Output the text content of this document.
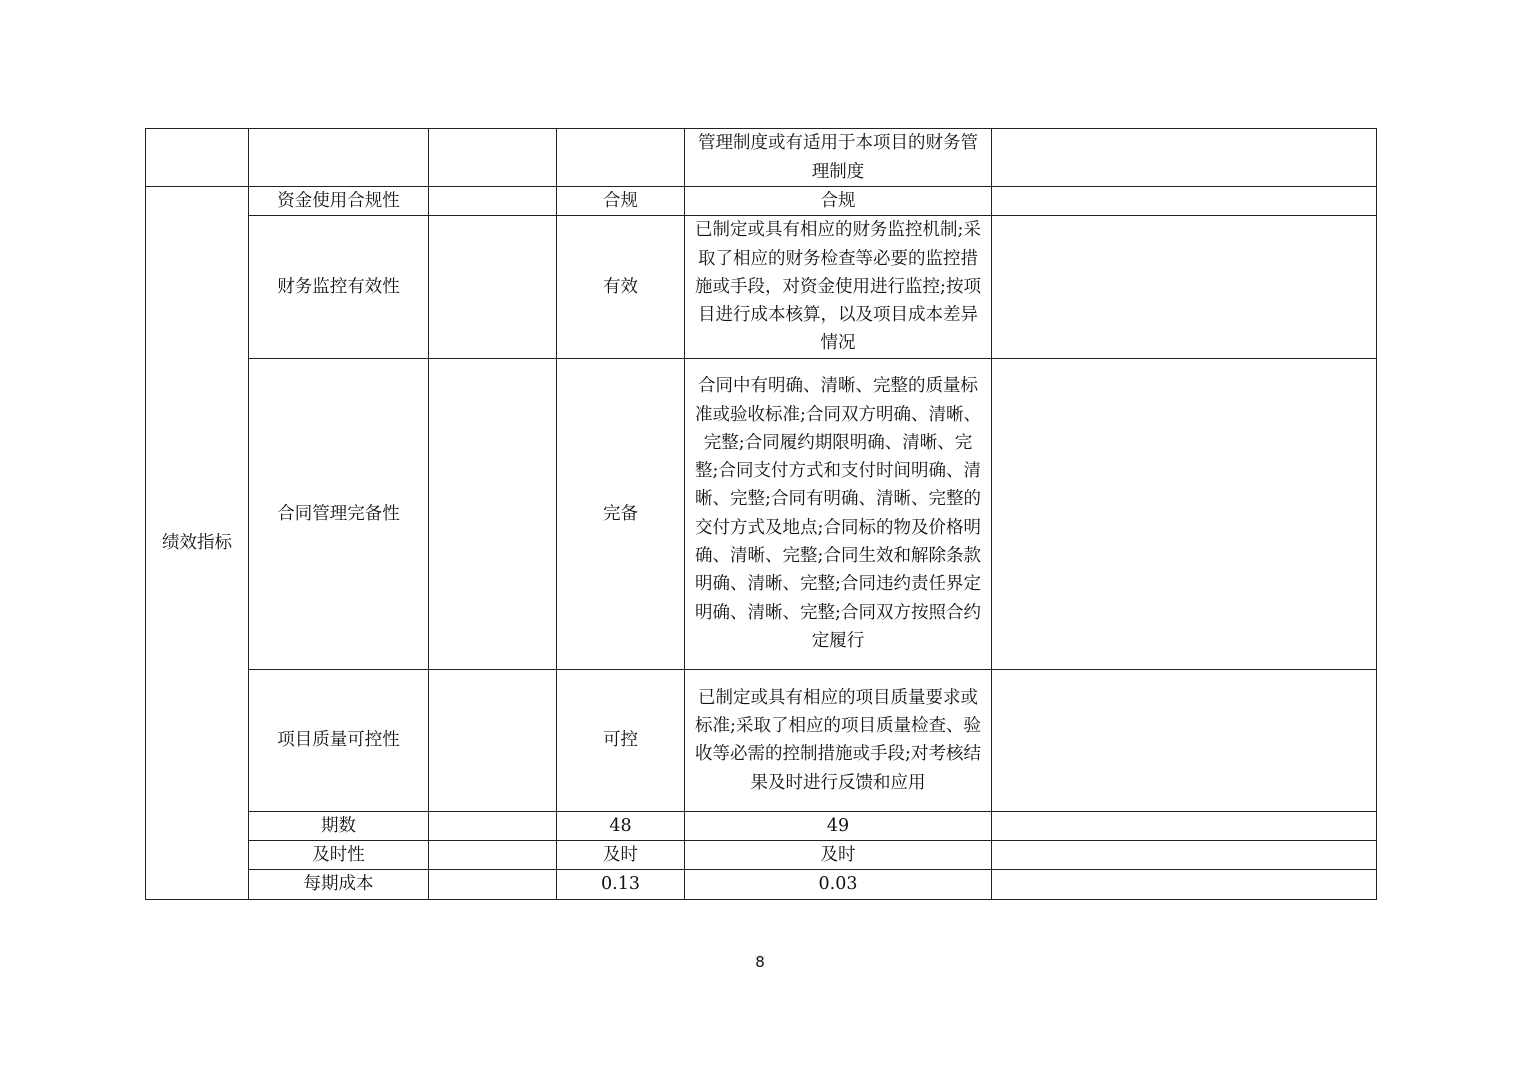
				管理制度或有适用于本项目的财务管理制度	
绩效指标	资金使用合规性		合规	合规	
	财务监控有效性		有效	已制定或具有相应的财务监控机制;采取了相应的财务检查等必要的监控措施或手段，对资金使用进行监控;按项目进行成本核算，以及项目成本差异情况	
	合同管理完备性		完备	合同中有明确、清晰、完整的质量标准或验收标准;合同双方明确、清晰、完整;合同履约期限明确、清晰、完整;合同支付方式和支付时间明确、清晰、完整;合同有明确、清晰、完整的交付方式及地点;合同标的物及价格明确、清晰、完整;合同生效和解除条款明确、清晰、完整;合同违约责任界定明确、清晰、完整;合同双方按照合约定履行	
	项目质量可控性		可控	已制定或具有相应的项目质量要求或标准;采取了相应的项目质量检查、验收等必需的控制措施或手段;对考核结果及时进行反馈和应用	
	期数		48	49	
	及时性		及时	及时	
	每期成本		0.13	0.03	
8
